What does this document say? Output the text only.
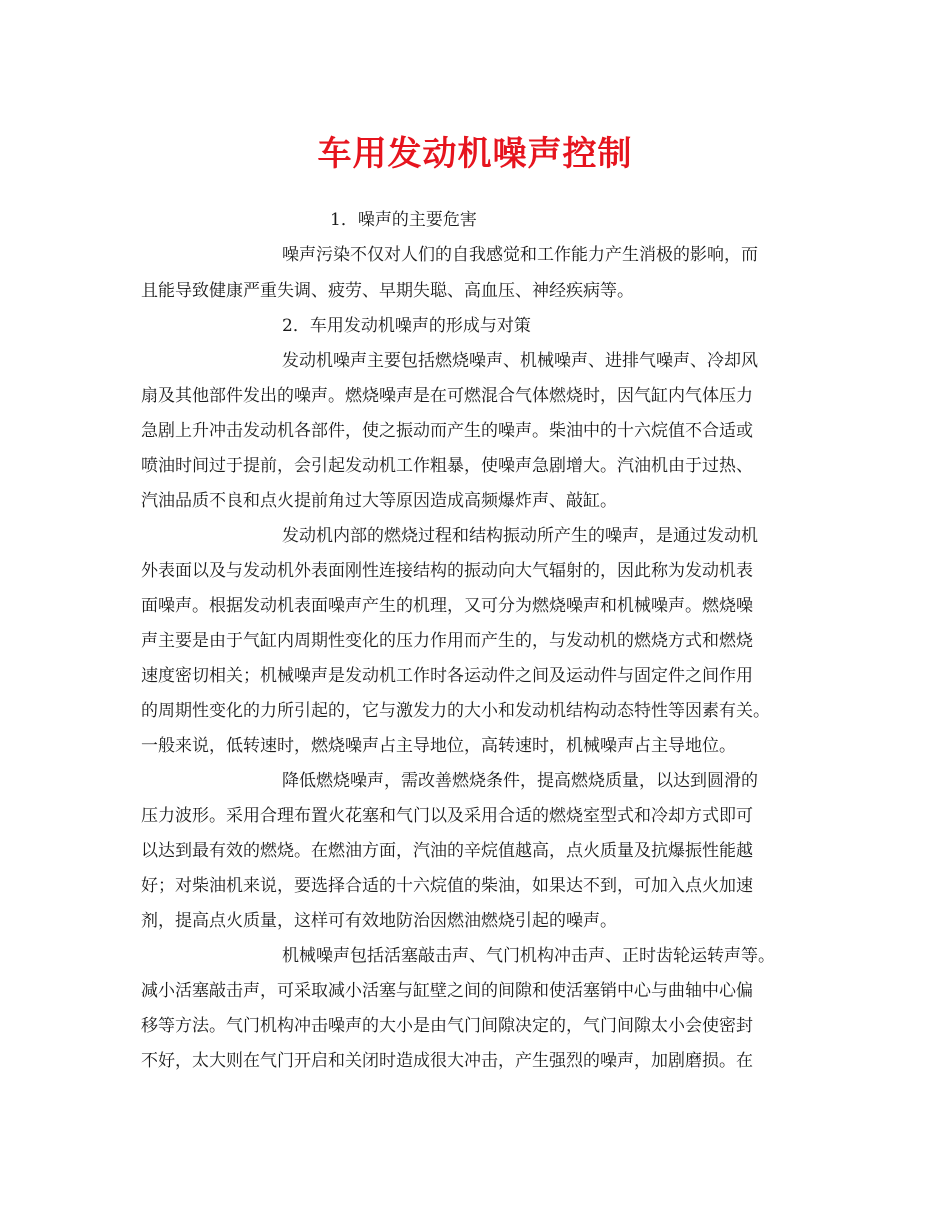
车用发动机噪声控制

1．噪声的主要危害

噪声污染不仅对人们的自我感觉和工作能力产生消极的影响，而

且能导致健康严重失调、疲劳、早期失聪、高血压、神经疾病等。

2．车用发动机噪声的形成与对策

发动机噪声主要包括燃烧噪声、机械噪声、进排气噪声、冷却风

扇及其他部件发出的噪声。燃烧噪声是在可燃混合气体燃烧时，因气缸内气体压力

急剧上升冲击发动机各部件，使之振动而产生的噪声。柴油中的十六烷值不合适或

喷油时间过于提前，会引起发动机工作粗暴，使噪声急剧增大。汽油机由于过热、

汽油品质不良和点火提前角过大等原因造成高频爆炸声、敲缸。

发动机内部的燃烧过程和结构振动所产生的噪声，是通过发动机

外表面以及与发动机外表面刚性连接结构的振动向大气辐射的，因此称为发动机表

面噪声。根据发动机表面噪声产生的机理，又可分为燃烧噪声和机械噪声。燃烧噪

声主要是由于气缸内周期性变化的压力作用而产生的，与发动机的燃烧方式和燃烧

速度密切相关；机械噪声是发动机工作时各运动件之间及运动件与固定件之间作用

的周期性变化的力所引起的，它与激发力的大小和发动机结构动态特性等因素有关。

一般来说，低转速时，燃烧噪声占主导地位，高转速时，机械噪声占主导地位。

降低燃烧噪声，需改善燃烧条件，提高燃烧质量，以达到圆滑的

压力波形。采用合理布置火花塞和气门以及采用合适的燃烧室型式和冷却方式即可

以达到最有效的燃烧。在燃油方面，汽油的辛烷值越高，点火质量及抗爆振性能越

好；对柴油机来说，要选择合适的十六烷值的柴油，如果达不到，可加入点火加速

剂，提高点火质量，这样可有效地防治因燃油燃烧引起的噪声。

机械噪声包括活塞敲击声、气门机构冲击声、正时齿轮运转声等。

减小活塞敲击声，可采取减小活塞与缸壁之间的间隙和使活塞销中心与曲轴中心偏

移等方法。气门机构冲击噪声的大小是由气门间隙决定的，气门间隙太小会使密封

不好，太大则在气门开启和关闭时造成很大冲击，产生强烈的噪声，加剧磨损。在
